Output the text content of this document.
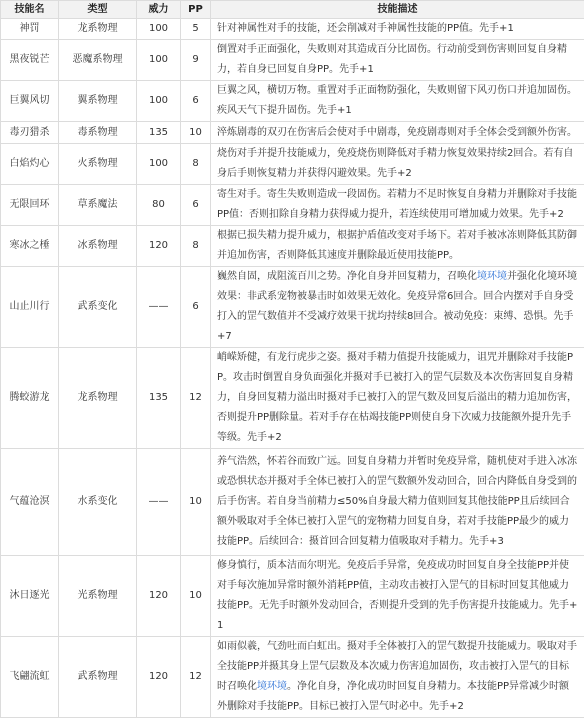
技能名	类型	威力	PP	技能描述
神罚	龙系物理	100	5	针对神属性对手的技能，还会削减对手神属性技能的PP值。先手+1
黑夜锐芒	恶魔系物理	100	9	倒置对手正面强化，失败则对其造成百分比固伤。行动前受到伤害则回复自身精力，若自身已回复自身PP。先手+1
巨翼风切	翼系物理	100	6	巨翼之风，横切万物。重置对手正面物防强化，失败则留下风刃伤口并追加固伤。疾风天气下提升固伤。先手+1
毒刃猎杀	毒系物理	135	10	淬炼剧毒的双刃在伤害后会使对手中剧毒，免疫剧毒则对手全体会受到额外伤害。
白焰灼心	火系物理	100	8	烧伤对手并提升技能威力，免疫烧伤则降低对手精力恢复效果持续2回合。若有自身后手则恢复精力并获得闪避效果。先手+2
无限回环	草系魔法	80	6	寄生对手。寄生失败则造成一段固伤。若精力不足时恢复自身精力并删除对手技能PP值：否则扣除自身精力获得威力提升，若连续使用可增加威力效果。先手+2
寒冰之棰	冰系物理	120	8	根据已损失精力提升威力，根据护盾值改变对手场下。若对手被冰冻则降低其防御并追加伤害，否则降低其速度并删除最近使用技能PP。
山止川行	武系变化	——	6	巍然自固，成阻流百川之势。净化自身并回复精力，召唤化境环境并强化化境环境效果：非武系宠物被暴击时如效果无效化。免疫异常6回合。回合内摆对手自身受打入的罡气数值并不受减疗效果干扰均持续8回合。被动免疫：束缚、恐惧。先手+7
腾蛟游龙	龙系物理	135	12	峭嵘矫健，有龙行虎步之姿。摄对手精力值提升技能威力，诅咒并删除对手技能PP。攻击时倒置自身负面强化并摄对手已被打入的罡气层数及本次伤害回复自身精力，自身回复精力溢出时摄对手已被打入的罡气数及回复后溢出的精力追加伤害，否则提升PP删除量。若对手存在枯竭技能PP则使自身下次威力技能额外提升先手等级。先手+2
气蕴沧溟	水系变化	——	10	养气浩然，怀若谷而致广远。回复自身精力并暂时免疫异常，随机使对手进入冰冻或恐惧状态并摄对手全体已被打入的罡气数额外发动回合，回合内降低自身受到的后手伤害。若自身当前精力≤50%自身最大精力值则回复其他技能PP且后续回合额外吸取对手全体已被打入罡气的宠物精力回复自身，若对手技能PP最少的威力技能PP。后续回合：摄首回合回复精力值吸取对手精力。先手+3
沐日逐光	光系物理	120	10	修身慎行，质本洁而尔明光。免疫后手异常，免疫成功时回复自身全技能PP并使对手每次施加异常时额外消耗PP值，主动攻击被打入罡气的目标时回复其他威力技能PP。无先手时额外发动回合，否则提升受到的先手伤害提升技能威力。先手+1
飞翩流虹	武系物理	120	12	如雨似羲，气劲吐而白虹出。摄对手全体被打入的罡气数提升技能威力。吸取对手全技能PP并摄其身上罡气层数及本次威力伤害追加固伤，攻击被打入罡气的目标时召唤化境环境。净化自身，净化成功时回复自身精力。本技能PP异常减少时额外删除对手技能PP。目标已被打入罡气时必中。先手+2
